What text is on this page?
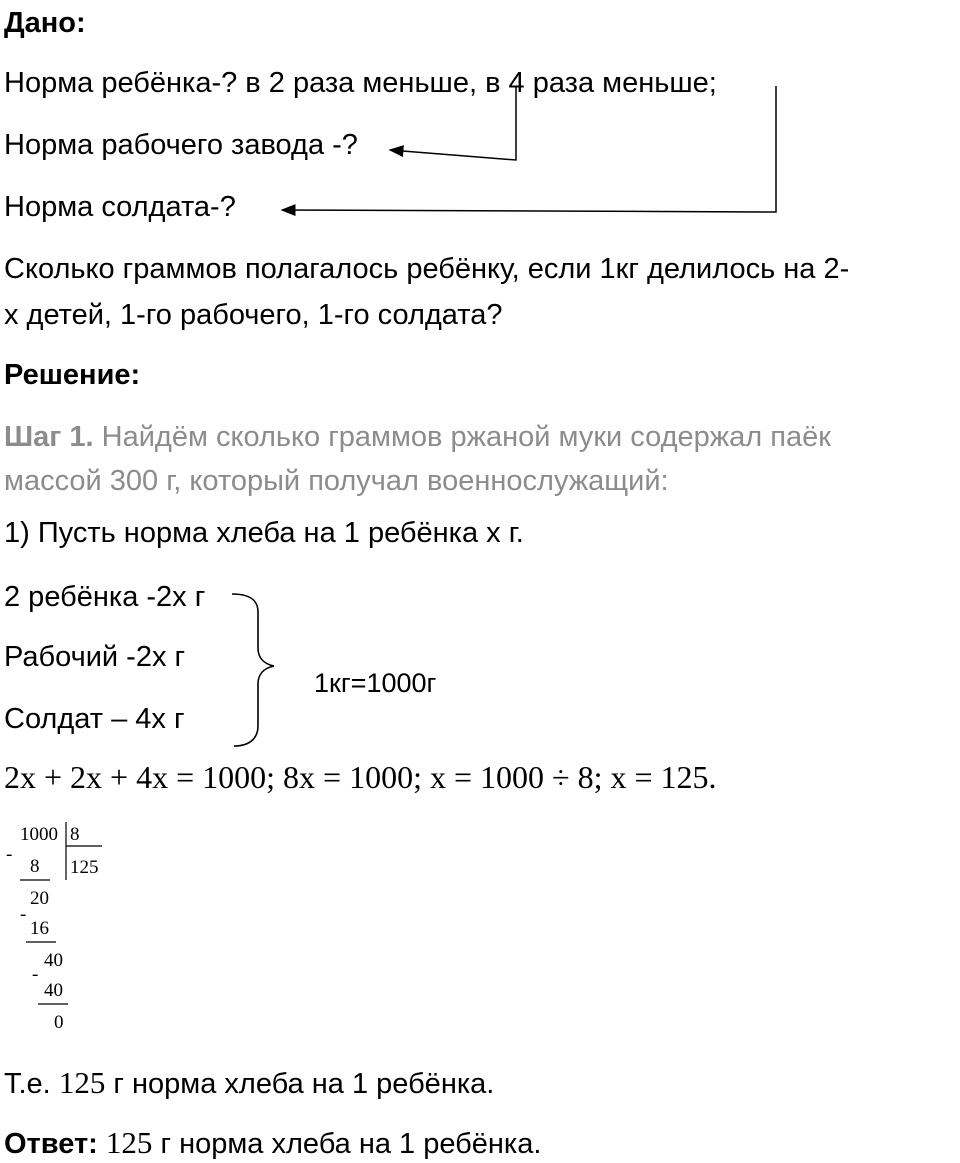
Дано:
Норма ребёнка-? в 2 раза меньше, в 4 раза меньше;
Норма рабочего завода -?
Норма солдата-?
Сколько граммов полагалось ребёнку, если 1кг делилось на 2-
х детей, 1-го рабочего, 1-го солдата?
Решение:
Шаг 1. Найдём сколько граммов ржаной муки содержал паёк
массой 300 г, который получал военнослужащий:
1) Пусть норма хлеба на 1 ребёнка х г.
2 ребёнка -2х г
Рабочий -2х г
Солдат – 4х г
1кг=1000г
2x + 2x + 4x = 1000; 8x = 1000; x = 1000 ÷ 8; x = 125.
1000 8
125
-
8
20
-
16
40
-
40
0
Т.е. 125 г норма хлеба на 1 ребёнка.
Ответ: 125 г норма хлеба на 1 ребёнка.
